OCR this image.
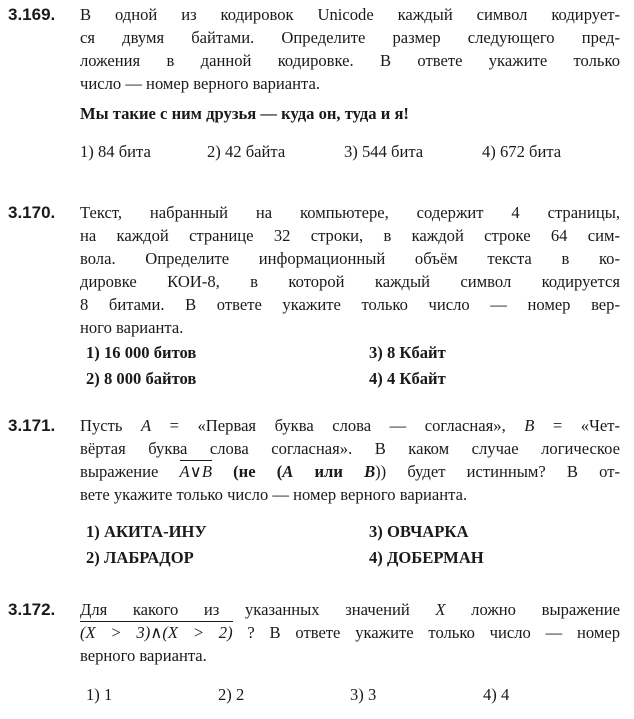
3.169. В одной из кодировок Unicode каждый символ кодирует-
ся двумя байтами. Определите размер следующего пред-
ложения в данной кодировке. В ответе укажите только
число — номер верного варианта.

Мы такие с ним друзья — куда он, туда и я!
1) 84 бита	2) 42 байта	3) 544 бита	4) 672 бита
3.170. Текст, набранный на компьютере, содержит 4 страницы,
на каждой странице 32 строки, в каждой строке 64 сим-
вола. Определите информационный объём текста в ко-
дировке КОИ-8, в которой каждый символ кодируется
8 битами. В ответе укажите только число — номер вер-
ного варианта.

1) 16 000 битов	3) 8 Кбайт
2) 8 000 байтов	4) 4 Кбайт
3.171. Пусть A = «Первая буква слова — согласная», B = «Чет-
вёртая буква слова согласная». В каком случае логическое
выражение A∨B (не (A или B)) будет истинным? В от-
вете укажите только число — номер верного варианта.

1) АКИТА-ИНУ	3) ОВЧАРКА
2) ЛАБРАДОР	4) ДОБЕРМАН
3.172. Для какого из указанных значений X ложно выражение
(X > 3)∧(X > 2) ? В ответе укажите только число — номер
верного варианта.

1) 1	2) 2	3) 3	4) 4
